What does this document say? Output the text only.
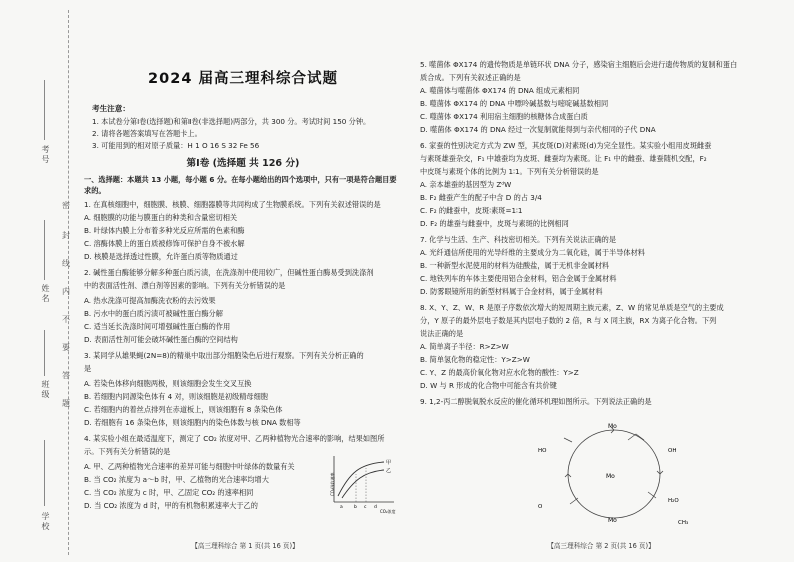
考号
姓名
班级
学校
密
封
线
内
不
要
答
题
2024 届高三理科综合试题
考生注意：
1. 本试卷分第Ⅰ卷(选择题)和第Ⅱ卷(非选择题)两部分，共 300 分。考试时间 150 分钟。
2. 请将各题答案填写在答题卡上。
3. 可能用到的相对原子质量：H 1 O 16 S 32 Fe 56
第Ⅰ卷 (选择题 共 126 分)
一、选择题：本题共 13 小题，每小题 6 分。在每小题给出的四个选项中，只有一项是符合题目要
求的。
1. 在真核细胞中，细胞膜、核膜、细胞器膜等共同构成了生物膜系统。下列有关叙述错误的是
A. 细胞膜的功能与膜蛋白的种类和含量密切相关
B. 叶绿体内膜上分布着多种光反应所需的色素和酶
C. 溶酶体膜上的蛋白质被修饰可保护自身不被水解
D. 核膜是选择透过性膜，允许蛋白质等物质通过
2. 碱性蛋白酶能够分解多种蛋白质污渍，在洗涤剂中使用较广，但碱性蛋白酶易受到洗涤剂
中的表面活性剂、漂白剂等因素的影响。下列有关分析错误的是
A. 热水洗涤可提高加酶洗衣粉的去污效果
B. 污水中的蛋白质污渍可被碱性蛋白酶分解
C. 适当延长洗涤时间可增强碱性蛋白酶的作用
D. 表面活性剂可能会破坏碱性蛋白酶的空间结构
3. 某同学从雄果蝇(2N=8)的精巢中取出部分细胞染色后进行观察。下列有关分析正确的
是
A. 若染色体移向细胞两极，则该细胞会发生交叉互换
B. 若细胞内同源染色体有 4 对，则该细胞是初级精母细胞
C. 若细胞内的着丝点排列在赤道板上，则该细胞有 8 条染色体
D. 若细胞有 16 条染色体，则该细胞内的染色体数与核 DNA 数相等
4. 某实验小组在最适温度下，测定了 CO₂ 浓度对甲、乙两种植物光合速率的影响，结果如图所
示。下列有关分析错误的是
A. 甲、乙两种植物光合速率的差异可能与细胞中叶绿体的数量有关
B. 当 CO₂ 浓度为 a～b 时，甲、乙植物的光合速率均增大
C. 当 CO₂ 浓度为 c 时，甲、乙固定 CO₂ 的速率相同
D. 当 CO₂ 浓度为 d 时，甲的有机物积累速率大于乙的
甲
乙
a b c d
CO₂浓度
CO₂吸收速率
5. 噬菌体 ΦX174 的遗传物质是单链环状 DNA 分子，感染宿主细胞后会进行遗传物质的复制和蛋白
质合成。下列有关叙述正确的是
A. 噬菌体与噬菌体 ΦX174 的 DNA 组成元素相同
B. 噬菌体 ΦX174 的 DNA 中嘌呤碱基数与嘧啶碱基数相同
C. 噬菌体 ΦX174 利用宿主细胞的核糖体合成蛋白质
D. 噬菌体 ΦX174 的 DNA 经过一次复制就能得到与亲代相同的子代 DNA
6. 家蚕的性别决定方式为 ZW 型，其皮斑(D)对素斑(d)为完全显性。某实验小组用皮斑雌蚕
与素斑雄蚕杂交，F₁ 中雄蚕均为皮斑、雌蚕均为素斑。让 F₁ 中的雌蚕、雄蚕随机交配，F₂
中皮斑与素斑个体的比例为 1∶1。下列有关分析错误的是
A. 亲本雄蚕的基因型为 ZᵈW
B. F₂ 雌蚕产生的配子中含 D 的占 3/4
C. F₂ 的雌蚕中，皮斑∶素斑=1∶1
D. F₂ 的雄蚕与雌蚕中，皮斑与素斑的比例相同
7. 化学与生活、生产、科技密切相关。下列有关说法正确的是
A. 光纤通信所使用的光导纤维的主要成分为二氧化硅，属于半导体材料
B. 一种新型水泥使用的材料为硅酸盐，属于无机非金属材料
C. 地铁列车的车体主要使用铝合金材料，铝合金属于金属材料
D. 防雾眼镜所用的新型材料属于合金材料，属于金属材料
8. X、Y、Z、W、R 是原子序数依次增大的短周期主族元素，Z、W 的常见单质是空气的主要成
分，Y 原子的最外层电子数是其内层电子数的 2 倍，R 与 X 同主族，RX 为离子化合物。下列
说法正确的是
A. 简单离子半径：R>Z>W
B. 简单氢化物的稳定性：Y>Z>W
C. Y、Z 的最高价氧化物对应水化物的酸性：Y>Z
D. W 与 R 形成的化合物中可能含有共价键
9. 1,2-丙二醇脱氧脱水反应的催化循环机理如图所示。下列说法正确的是
Mo
Mo
Mo
OH
H₂O
HO
O
CH₃
【高三理科综合 第 1 页(共 16 页)】	【高三理科综合 第 2 页(共 16 页)】
